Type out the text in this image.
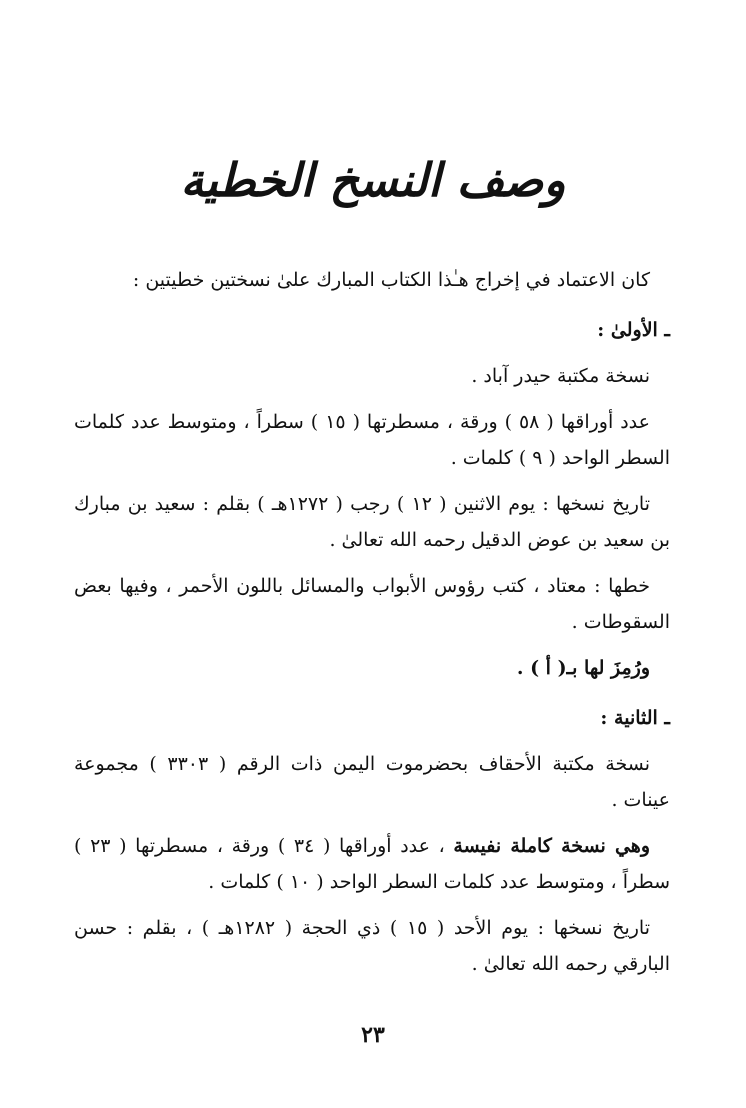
وصف النسخ الخطية

كان الاعتماد في إخراج هـٰذا الكتاب المبارك علىٰ نسختين خطيتين :

ـ الأولىٰ :

نسخة مكتبة حيدر آباد .

عدد أوراقها ( ٥٨ ) ورقة ، مسطرتها ( ١٥ ) سطراً ، ومتوسط عدد كلمات السطر الواحد ( ٩ ) كلمات .

تاريخ نسخها : يوم الاثنين ( ١٢ ) رجب ( ١٢٧٢هـ ) بقلم : سعيد بن مبارك بن سعيد بن عوض الدقيل رحمه الله تعالىٰ .

خطها : معتاد ، كتب رؤوس الأبواب والمسائل باللون الأحمر ، وفيها بعض السقوطات .

ورُمِزَ لها بـ( أ ) .

ـ الثانية :

نسخة مكتبة الأحقاف بحضرموت اليمن ذات الرقم ( ٣٣٠٣ ) مجموعة عينات .

وهي نسخة كاملة نفيسة ، عدد أوراقها ( ٣٤ ) ورقة ، مسطرتها ( ٢٣ ) سطراً ، ومتوسط عدد كلمات السطر الواحد ( ١٠ ) كلمات .

تاريخ نسخها : يوم الأحد ( ١٥ ) ذي الحجة ( ١٢٨٢هـ ) ، بقلم : حسن البارقي رحمه الله تعالىٰ .

٢٣
